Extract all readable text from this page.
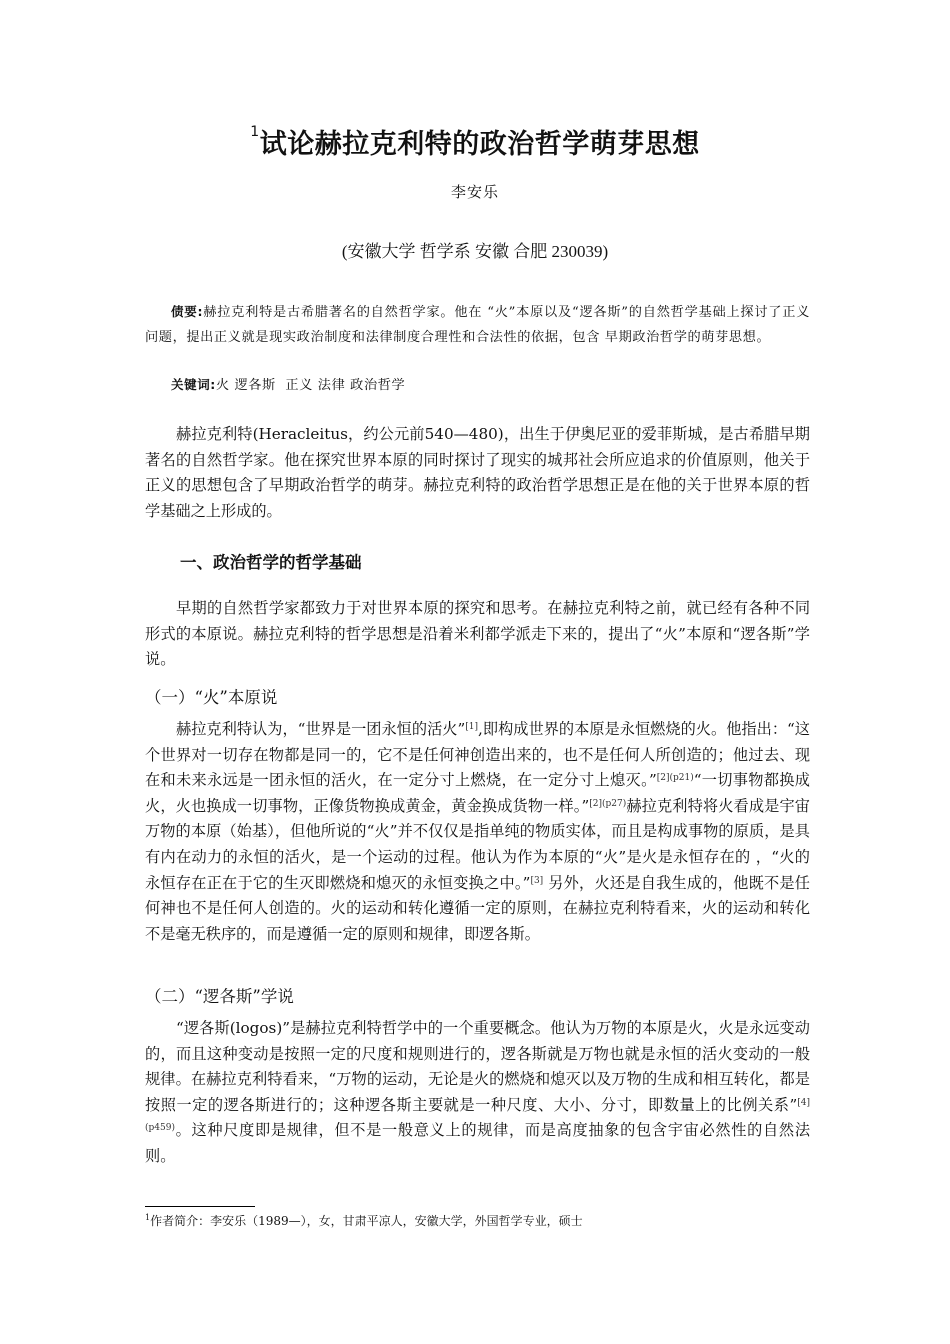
$^1$试论赫拉克利特的政治哲学萌芽思想
李安乐
(安徽大学 哲学系 安徽 合肥 230039)

债要:赫拉克利特是古希腊著名的自然哲学家。他在 “火”本原以及“逻各斯”的自然哲学基础上探讨了正义问题，提出正义就是现实政治制度和法律制度合理性和合法性的依据，包含 早期政治哲学的萌芽思想。

关键词:火 逻各斯  正义 法律 政治哲学

赫拉克利特(Heracleitus，约公元前540—480)，出生于伊奥尼亚的爱菲斯城，是古希腊早期著名的自然哲学家。他在探究世界本原的同时探讨了现实的城邦社会所应追求的价值原则，他关于正义的思想包含了早期政治哲学的萌芽。赫拉克利特的政治哲学思想正是在他的关于世界本原的哲学基础之上形成的。

一、政治哲学的哲学基础

早期的自然哲学家都致力于对世界本原的探究和思考。在赫拉克利特之前，就已经有各种不同形式的本原说。赫拉克利特的哲学思想是沿着米利都学派走下来的，提出了“火”本原和“逻各斯”学说。

（一）“火”本原说

赫拉克利特认为，“世界是一团永恒的活火”[1],即构成世界的本原是永恒燃烧的火。他指出：“这个世界对一切存在物都是同一的，它不是任何神创造出来的，也不是任何人所创造的；他过去、现在和未来永远是一团永恒的活火，在一定分寸上燃烧，在一定分寸上熄灭。”$^{[2](p21)}$“一切事物都换成火，火也换成一切事物，正像货物换成黄金，黄金换成货物一样。”$^{[2](p27)}$赫拉克利特将火看成是宇宙万物的本原（始基），但他所说的“火”并不仅仅是指单纯的物质实体，而且是构成事物的原质，是具有内在动力的永恒的活火，是一个运动的过程。他认为作为本原的“火”是火是永恒存在的 ，“火的永恒存在正在于它的生灭即燃烧和熄灭的永恒变换之中。”[3] 另外，火还是自我生成的，他既不是任何神也不是任何人创造的。火的运动和转化遵循一定的原则，在赫拉克利特看来，火的运动和转化不是毫无秩序的，而是遵循一定的原则和规律，即逻各斯。

（二）“逻各斯”学说

“逻各斯(logos)”是赫拉克利特哲学中的一个重要概念。他认为万物的本原是火，火是永远变动的，而且这种变动是按照一定的尺度和规则进行的，逻各斯就是万物也就是永恒的活火变动的一般规律。在赫拉克利特看来，“万物的运动，无论是火的燃烧和熄灭以及万物的生成和相互转化，都是按照一定的逻各斯进行的；这种逻各斯主要就是一种尺度、大小、分寸，即数量上的比例关系”$^{[4](p459)}$。这种尺度即是规律，但不是一般意义上的规律，而是高度抽象的包含宇宙必然性的自然法则。

$^1$作者简介：李安乐（1989—），女，甘肃平凉人，安徽大学，外国哲学专业，硕士
